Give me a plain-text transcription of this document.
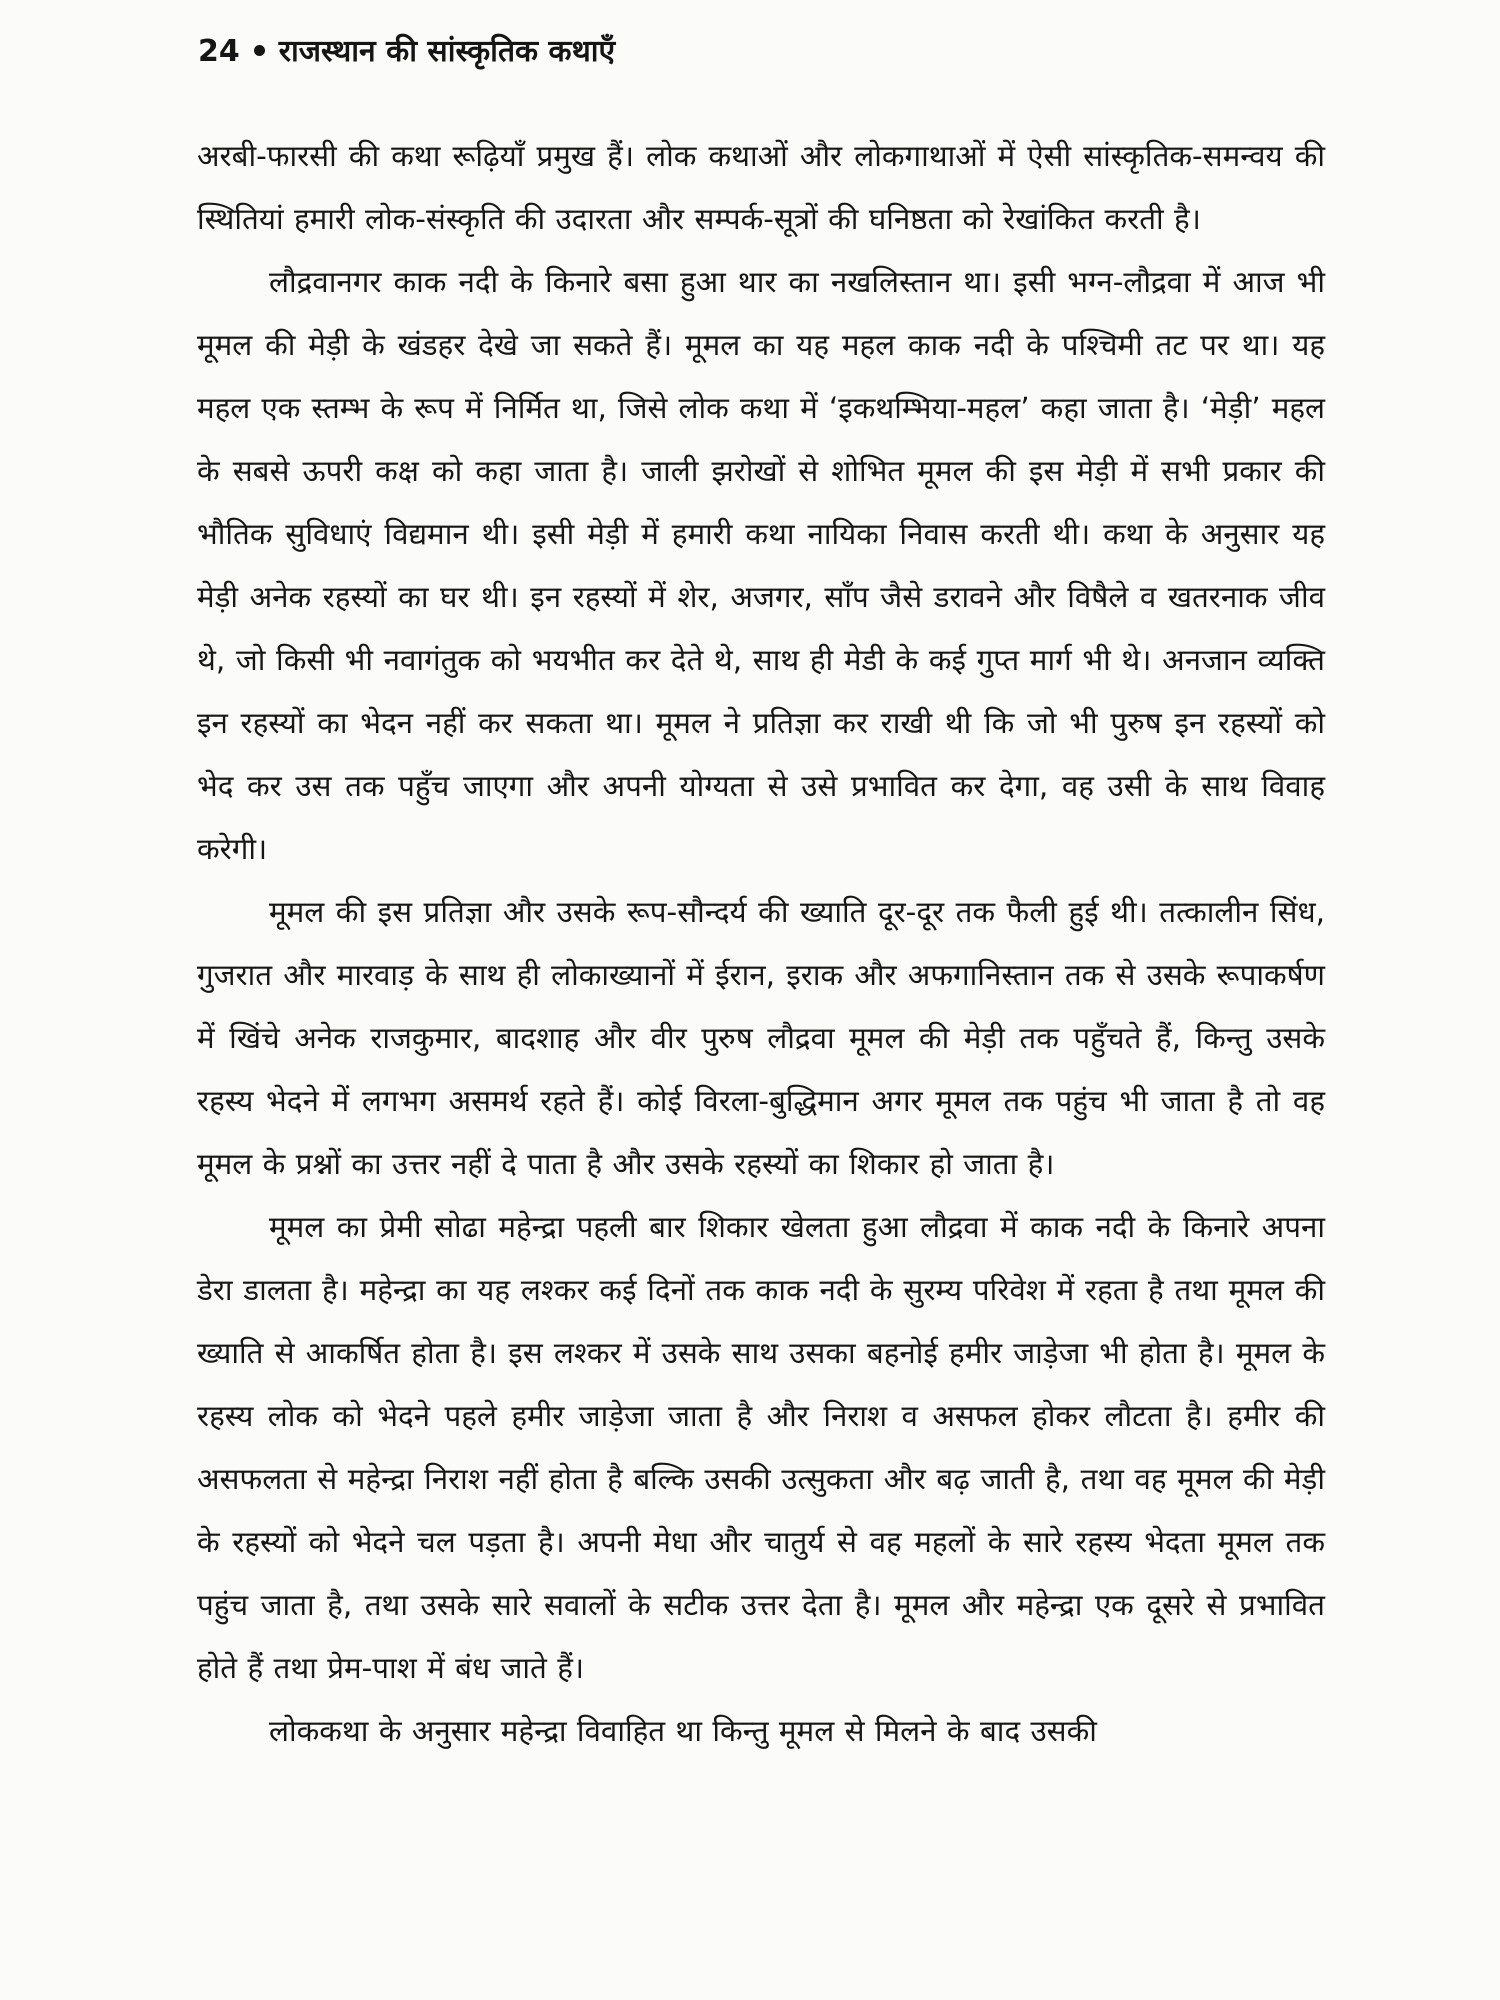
24 राजस्थान की सांस्कृतिक कथाएँ

अरबी-फारसी की कथा रूढ़ियाँ प्रमुख हैं। लोक कथाओं और लोकगाथाओं में ऐसी सांस्कृतिक-समन्वय की स्थितियां हमारी लोक-संस्कृति की उदारता और सम्पर्क-सूत्रों की घनिष्ठता को रेखांकित करती है।

लौद्रवानगर काक नदी के किनारे बसा हुआ थार का नखलिस्तान था। इसी भग्न-लौद्रवा में आज भी मूमल की मेड़ी के खंडहर देखे जा सकते हैं। मूमल का यह महल काक नदी के पश्चिमी तट पर था। यह महल एक स्तम्भ के रूप में निर्मित था, जिसे लोक कथा में ‘इकथम्भिया-महल’ कहा जाता है। ‘मेड़ी’ महल के सबसे ऊपरी कक्ष को कहा जाता है। जाली झरोखों से शोभित मूमल की इस मेड़ी में सभी प्रकार की भौतिक सुविधाएं विद्यमान थी। इसी मेड़ी में हमारी कथा नायिका निवास करती थी। कथा के अनुसार यह मेड़ी अनेक रहस्यों का घर थी। इन रहस्यों में शेर, अजगर, साँप जैसे डरावने और विषैले व खतरनाक जीव थे, जो किसी भी नवागंतुक को भयभीत कर देते थे, साथ ही मेडी के कई गुप्त मार्ग भी थे। अनजान व्यक्ति इन रहस्यों का भेदन नहीं कर सकता था। मूमल ने प्रतिज्ञा कर राखी थी कि जो भी पुरुष इन रहस्यों को भेद कर उस तक पहुँच जाएगा और अपनी योग्यता से उसे प्रभावित कर देगा, वह उसी के साथ विवाह करेगी।

मूमल की इस प्रतिज्ञा और उसके रूप-सौन्दर्य की ख्याति दूर-दूर तक फैली हुई थी। तत्कालीन सिंध, गुजरात और मारवाड़ के साथ ही लोकाख्यानों में ईरान, इराक और अफगानिस्तान तक से उसके रूपाकर्षण में खिंचे अनेक राजकुमार, बादशाह और वीर पुरुष लौद्रवा मूमल की मेड़ी तक पहुँचते हैं, किन्तु उसके रहस्य भेदने में लगभग असमर्थ रहते हैं। कोई विरला-बुद्धिमान अगर मूमल तक पहुंच भी जाता है तो वह मूमल के प्रश्नों का उत्तर नहीं दे पाता है और उसके रहस्यों का शिकार हो जाता है।

मूमल का प्रेमी सोढा महेन्द्रा पहली बार शिकार खेलता हुआ लौद्रवा में काक नदी के किनारे अपना डेरा डालता है। महेन्द्रा का यह लश्कर कई दिनों तक काक नदी के सुरम्य परिवेश में रहता है तथा मूमल की ख्याति से आकर्षित होता है। इस लश्कर में उसके साथ उसका बहनोई हमीर जाड़ेजा भी होता है। मूमल के रहस्य लोक को भेदने पहले हमीर जाड़ेजा जाता है और निराश व असफल होकर लौटता है। हमीर की असफलता से महेन्द्रा निराश नहीं होता है बल्कि उसकी उत्सुकता और बढ़ जाती है, तथा वह मूमल की मेड़ी के रहस्यों को भेदने चल पड़ता है। अपनी मेधा और चातुर्य से वह महलों के सारे रहस्य भेदता मूमल तक पहुंच जाता है, तथा उसके सारे सवालों के सटीक उत्तर देता है। मूमल और महेन्द्रा एक दूसरे से प्रभावित होते हैं तथा प्रेम-पाश में बंध जाते हैं।

लोककथा के अनुसार महेन्द्रा विवाहित था किन्तु मूमल से मिलने के बाद उसकी
